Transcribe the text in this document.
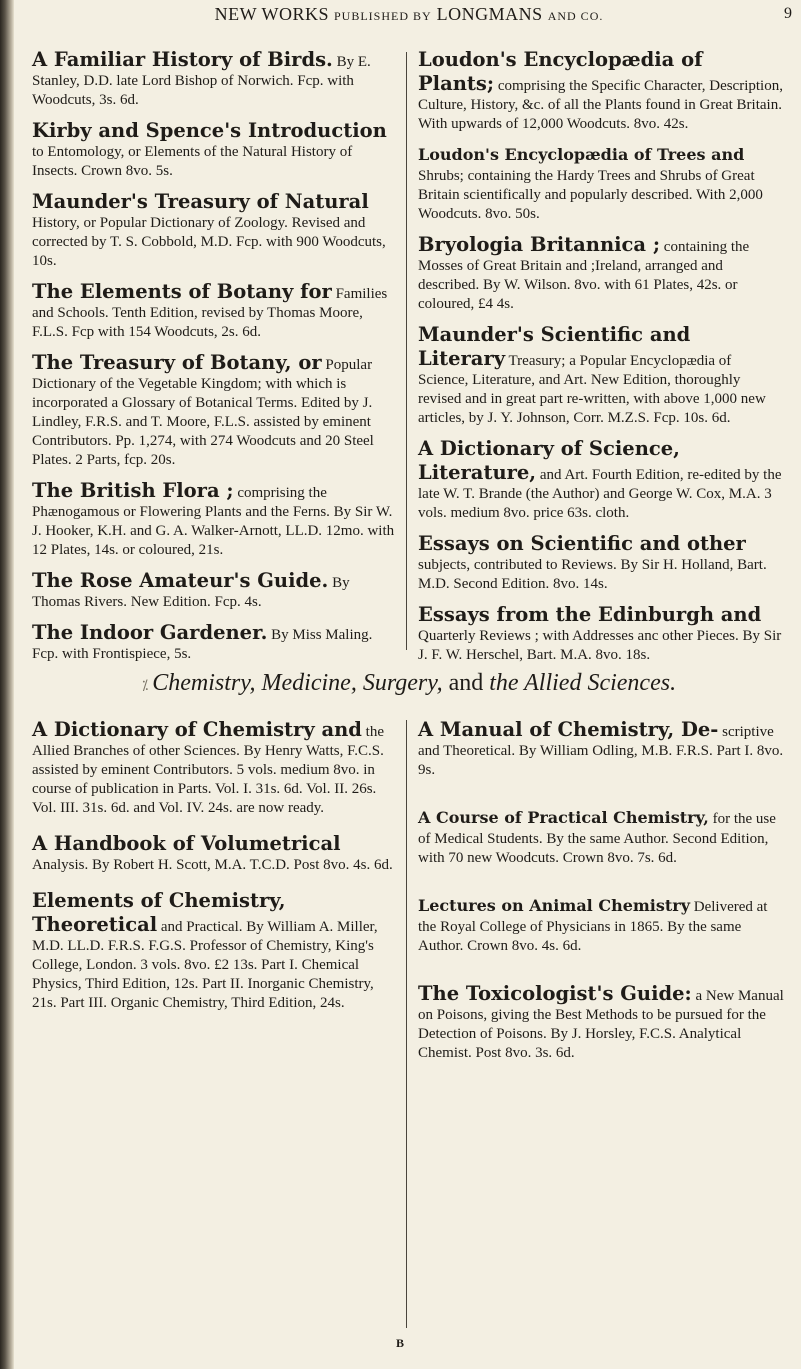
NEW WORKS PUBLISHED BY LONGMANS AND CO.	9
A Familiar History of Birds. By E. Stanley, D.D. late Lord Bishop of Norwich. Fcp. with Woodcuts, 3s. 6d.
Kirby and Spence's Introduction to Entomology, or Elements of the Natural History of Insects. Crown 8vo. 5s.
Maunder's Treasury of Natural History, or Popular Dictionary of Zoology. Revised and corrected by T. S. Cobbold, M.D. Fcp. with 900 Woodcuts, 10s.
The Elements of Botany for Families and Schools. Tenth Edition, revised by Thomas Moore, F.L.S. Fcp with 154 Woodcuts, 2s. 6d.
The Treasury of Botany, or Popular Dictionary of the Vegetable Kingdom; with which is incorporated a Glossary of Botanical Terms. Edited by J. Lindley, F.R.S. and T. Moore, F.L.S. assisted by eminent Contributors. Pp. 1,274, with 274 Woodcuts and 20 Steel Plates. 2 Parts, fcp. 20s.
The British Flora ; comprising the Phænogamous or Flowering Plants and the Ferns. By Sir W. J. Hooker, K.H. and G. A. Walker-Arnott, LL.D. 12mo. with 12 Plates, 14s. or coloured, 21s.
The Rose Amateur's Guide. By Thomas Rivers. New Edition. Fcp. 4s.
The Indoor Gardener. By Miss Maling. Fcp. with Frontispiece, 5s.
Loudon's Encyclopædia of Plants; comprising the Specific Character, Description, Culture, History, &c. of all the Plants found in Great Britain. With upwards of 12,000 Woodcuts. 8vo. 42s.
Loudon's Encyclopædia of Trees and Shrubs; containing the Hardy Trees and Shrubs of Great Britain scientifically and popularly described. With 2,000 Woodcuts. 8vo. 50s.
Bryologia Britannica ; containing the Mosses of Great Britain and ;Ireland, arranged and described. By W. Wilson. 8vo. with 61 Plates, 42s. or coloured, £4 4s.
Maunder's Scientific and Literary Treasury; a Popular Encyclopædia of Science, Literature, and Art. New Edition, thoroughly revised and in great part re-written, with above 1,000 new articles, by J. Y. Johnson, Corr. M.Z.S. Fcp. 10s. 6d.
A Dictionary of Science, Literature, and Art. Fourth Edition, re-edited by the late W. T. Brande (the Author) and George W. Cox, M.A. 3 vols. medium 8vo. price 63s. cloth.
Essays on Scientific and other subjects, contributed to Reviews. By Sir H. Holland, Bart. M.D. Second Edition. 8vo. 14s.
Essays from the Edinburgh and Quarterly Reviews ; with Addresses anc other Pieces. By Sir J. F. W. Herschel, Bart. M.A. 8vo. 18s.
⁒ Chemistry, Medicine, Surgery, and the Allied Sciences.
A Dictionary of Chemistry and the Allied Branches of other Sciences. By Henry Watts, F.C.S. assisted by eminent Contributors. 5 vols. medium 8vo. in course of publication in Parts. Vol. I. 31s. 6d. Vol. II. 26s. Vol. III. 31s. 6d. and Vol. IV. 24s. are now ready.
A Handbook of Volumetrical Analysis. By Robert H. Scott, M.A. T.C.D. Post 8vo. 4s. 6d.
Elements of Chemistry, Theoretical and Practical. By William A. Miller, M.D. LL.D. F.R.S. F.G.S. Professor of Chemistry, King's College, London. 3 vols. 8vo. £2 13s. Part I. Chemical Physics, Third Edition, 12s. Part II. Inorganic Chemistry, 21s. Part III. Organic Chemistry, Third Edition, 24s.
A Manual of Chemistry, De- scriptive and Theoretical. By William Odling, M.B. F.R.S. Part I. 8vo. 9s.
A Course of Practical Chemistry, for the use of Medical Students. By the same Author. Second Edition, with 70 new Woodcuts. Crown 8vo. 7s. 6d.
Lectures on Animal Chemistry Delivered at the Royal College of Physicians in 1865. By the same Author. Crown 8vo. 4s. 6d.
The Toxicologist's Guide: a New Manual on Poisons, giving the Best Methods to be pursued for the Detection of Poisons. By J. Horsley, F.C.S. Analytical Chemist. Post 8vo. 3s. 6d.
B
